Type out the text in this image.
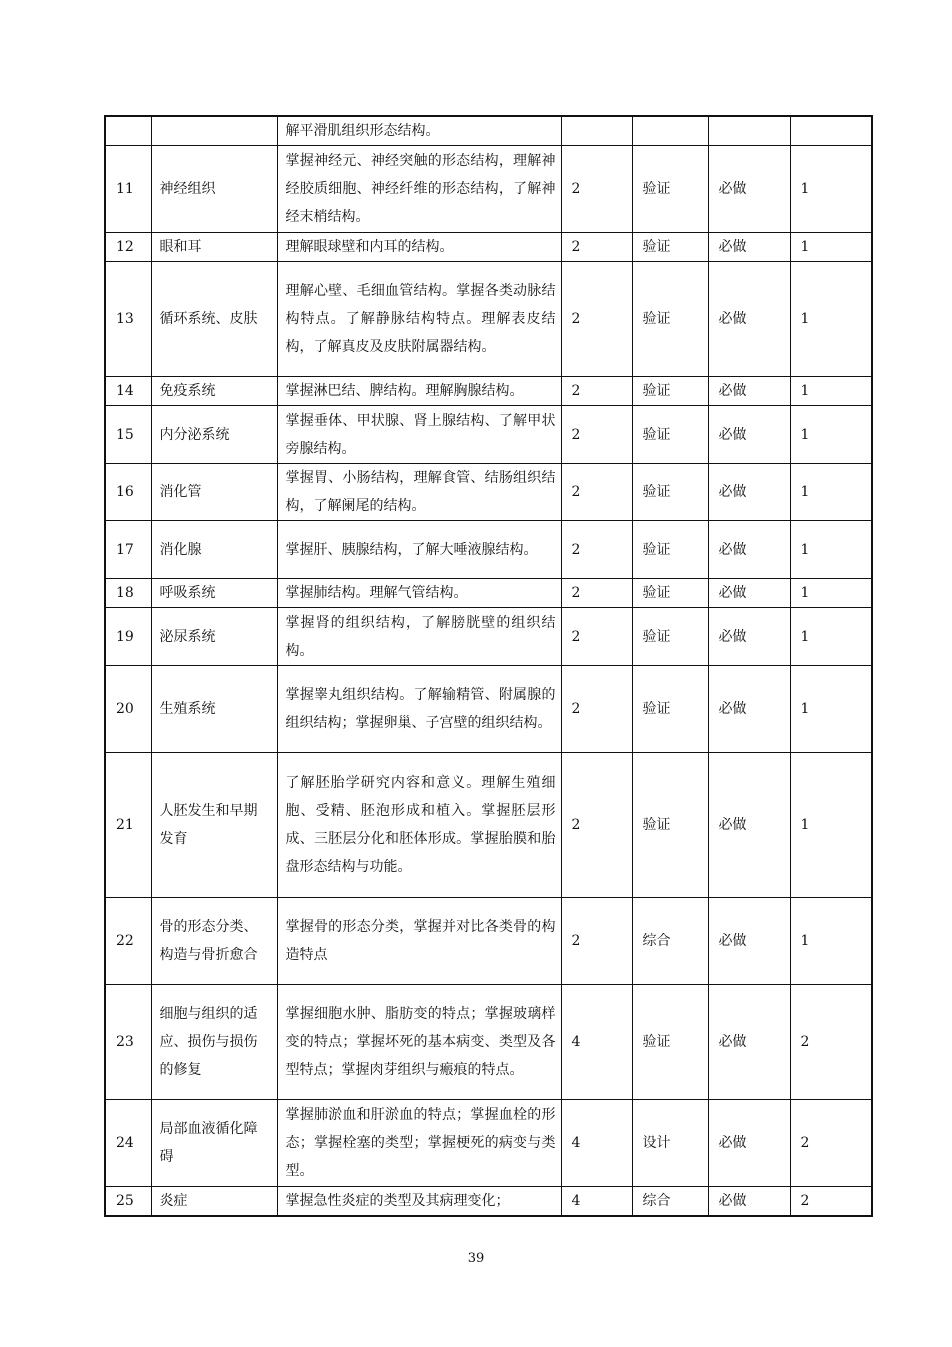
		解平滑肌组织形态结构。				
11	神经组织	掌握神经元、神经突触的形态结构，理解神经胶质细胞、神经纤维的形态结构，了解神经末梢结构。	2	验证	必做	1
12	眼和耳	理解眼球壁和内耳的结构。	2	验证	必做	1
13	循环系统、皮肤	理解心壁、毛细血管结构。掌握各类动脉结构特点。了解静脉结构特点。理解表皮结构，了解真皮及皮肤附属器结构。	2	验证	必做	1
14	免疫系统	掌握淋巴结、脾结构。理解胸腺结构。	2	验证	必做	1
15	内分泌系统	掌握垂体、甲状腺、肾上腺结构、了解甲状旁腺结构。	2	验证	必做	1
16	消化管	掌握胃、小肠结构，理解食管、结肠组织结构，了解阑尾的结构。	2	验证	必做	1
17	消化腺	掌握肝、胰腺结构，了解大唾液腺结构。	2	验证	必做	1
18	呼吸系统	掌握肺结构。理解气管结构。	2	验证	必做	1
19	泌尿系统	掌握肾的组织结构，了解膀胱壁的组织结构。	2	验证	必做	1
20	生殖系统	掌握睾丸组织结构。了解输精管、附属腺的组织结构；掌握卵巢、子宫壁的组织结构。	2	验证	必做	1
21	人胚发生和早期发育	了解胚胎学研究内容和意义。理解生殖细胞、受精、胚泡形成和植入。掌握胚层形成、三胚层分化和胚体形成。掌握胎膜和胎盘形态结构与功能。	2	验证	必做	1
22	骨的形态分类、构造与骨折愈合	掌握骨的形态分类，掌握并对比各类骨的构造特点	2	综合	必做	1
23	细胞与组织的适应、损伤与损伤的修复	掌握细胞水肿、脂肪变的特点；掌握玻璃样变的特点；掌握坏死的基本病变、类型及各型特点；掌握肉芽组织与瘢痕的特点。	4	验证	必做	2
24	局部血液循化障碍	掌握肺淤血和肝淤血的特点；掌握血栓的形态；掌握栓塞的类型；掌握梗死的病变与类型。	4	设计	必做	2
25	炎症	掌握急性炎症的类型及其病理变化；	4	综合	必做	2
39
